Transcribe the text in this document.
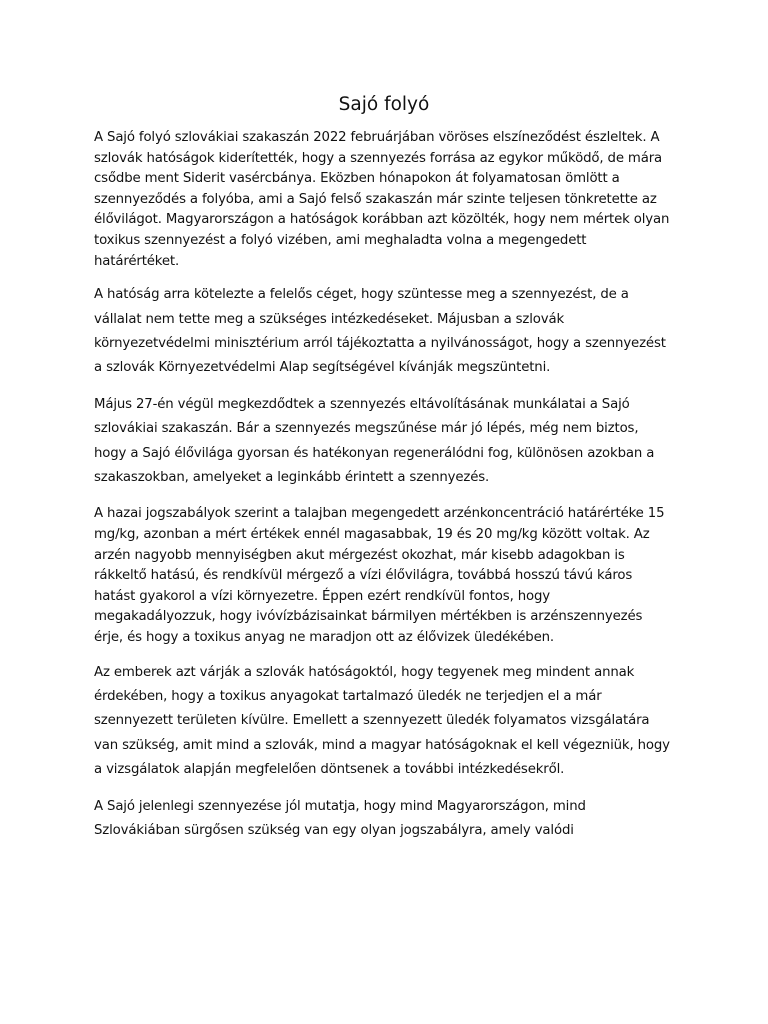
Sajó folyó

A Sajó folyó szlovákiai szakaszán 2022 februárjában vöröses elszíneződést észleltek. A szlovák hatóságok kiderítették, hogy a szennyezés forrása az egykor működő, de mára csődbe ment Siderit vasércbánya. Eközben hónapokon át folyamatosan ömlött a szennyeződés a folyóba, ami a Sajó felső szakaszán már szinte teljesen tönkretette az élővilágot. Magyarországon a hatóságok korábban azt közölték, hogy nem mértek olyan toxikus szennyezést a folyó vizében, ami meghaladta volna a megengedett határértéket.

A hatóság arra kötelezte a felelős céget, hogy szüntesse meg a szennyezést, de a vállalat nem tette meg a szükséges intézkedéseket. Májusban a szlovák környezetvédelmi minisztérium arról tájékoztatta a nyilvánosságot, hogy a szennyezést a szlovák Környezetvédelmi Alap segítségével kívánják megszüntetni.

Május 27-én végül megkezdődtek a szennyezés eltávolításának munkálatai a Sajó szlovákiai szakaszán. Bár a szennyezés megszűnése már jó lépés, még nem biztos, hogy a Sajó élővilága gyorsan és hatékonyan regenerálódni fog, különösen azokban a szakaszokban, amelyeket a leginkább érintett a szennyezés.

A hazai jogszabályok szerint a talajban megengedett arzénkoncentráció határértéke 15 mg/kg, azonban a mért értékek ennél magasabbak, 19 és 20 mg/kg között voltak. Az arzén nagyobb mennyiségben akut mérgezést okozhat, már kisebb adagokban is rákkeltő hatású, és rendkívül mérgező a vízi élővilágra, továbbá hosszú távú káros hatást gyakorol a vízi környezetre. Éppen ezért rendkívül fontos, hogy megakadályozzuk, hogy ivóvízbázisainkat bármilyen mértékben is arzénszennyezés érje, és hogy a toxikus anyag ne maradjon ott az élővizek üledékében.

Az emberek azt várják a szlovák hatóságoktól, hogy tegyenek meg mindent annak érdekében, hogy a toxikus anyagokat tartalmazó üledék ne terjedjen el a már szennyezett területen kívülre. Emellett a szennyezett üledék folyamatos vizsgálatára van szükség, amit mind a szlovák, mind a magyar hatóságoknak el kell végezniük, hogy a vizsgálatok alapján megfelelően döntsenek a további intézkedésekről.

A Sajó jelenlegi szennyezése jól mutatja, hogy mind Magyarországon, mind Szlovákiában sürgősen szükség van egy olyan jogszabályra, amely valódi
